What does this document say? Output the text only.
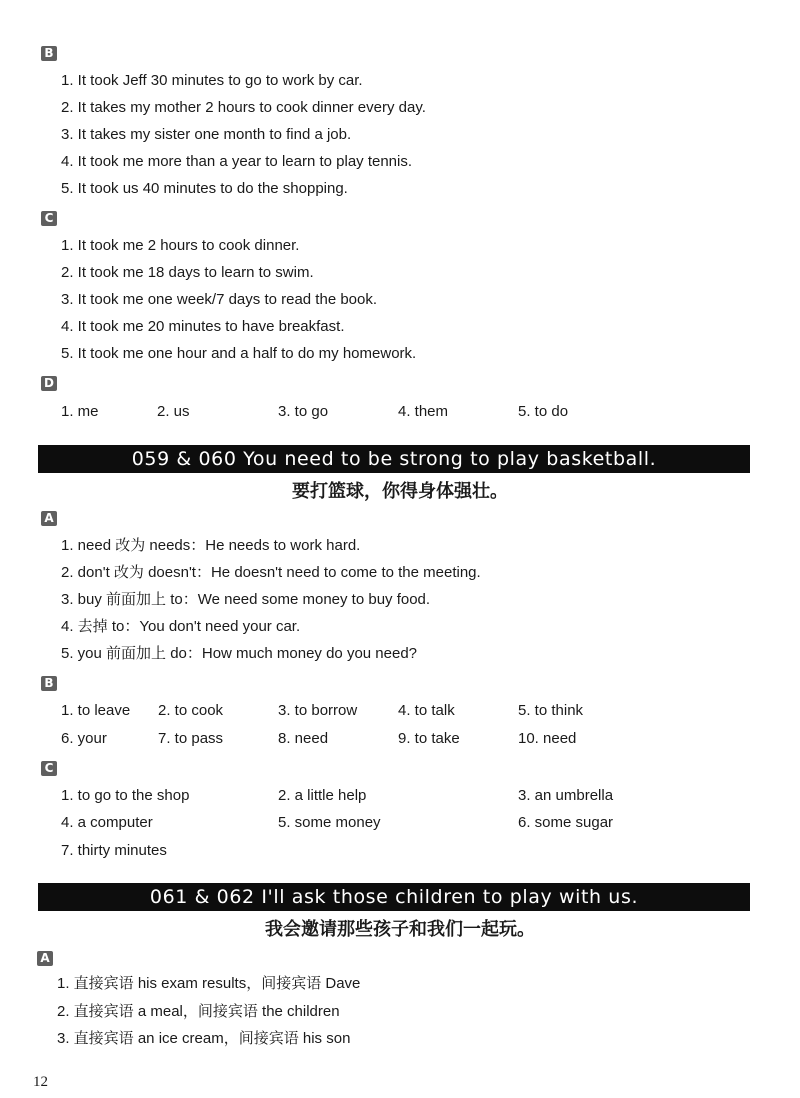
B
1. It took Jeff 30 minutes to go to work by car.
2. It takes my mother 2 hours to cook dinner every day.
3. It takes my sister one month to find a job.
4. It took me more than a year to learn to play tennis.
5. It took us 40 minutes to do the shopping.
C
1. It took me 2 hours to cook dinner.
2. It took me 18 days to learn to swim.
3. It took me one week/7 days to read the book.
4. It took me 20 minutes to have breakfast.
5. It took me one hour and a half to do my homework.
D
1. me	2. us	3. to go	4. them	5. to do
059 & 060 You need to be strong to play basketball.
要打篮球，你得身体强壮。
A
1. need 改为 needs：He needs to work hard.
2. don't 改为 doesn't：He doesn't need to come to the meeting.
3. buy 前面加上 to：We need some money to buy food.
4. 去掉 to：You don't need your car.
5. you 前面加上 do：How much money do you need?
B
1. to leave 2. to cook	3. to borrow	4. to talk	5. to think
6. your	7. to pass	8. need	9. to take	10. need
C
1. to go to the shop	2. a little help	3. an umbrella
4. a computer	5. some money	6. some sugar
7. thirty minutes
061 & 062 I'll ask those children to play with us.
我会邀请那些孩子和我们一起玩。
A
1. 直接宾语 his exam results，间接宾语 Dave
2. 直接宾语 a meal，间接宾语 the children
3. 直接宾语 an ice cream，间接宾语 his son
12
